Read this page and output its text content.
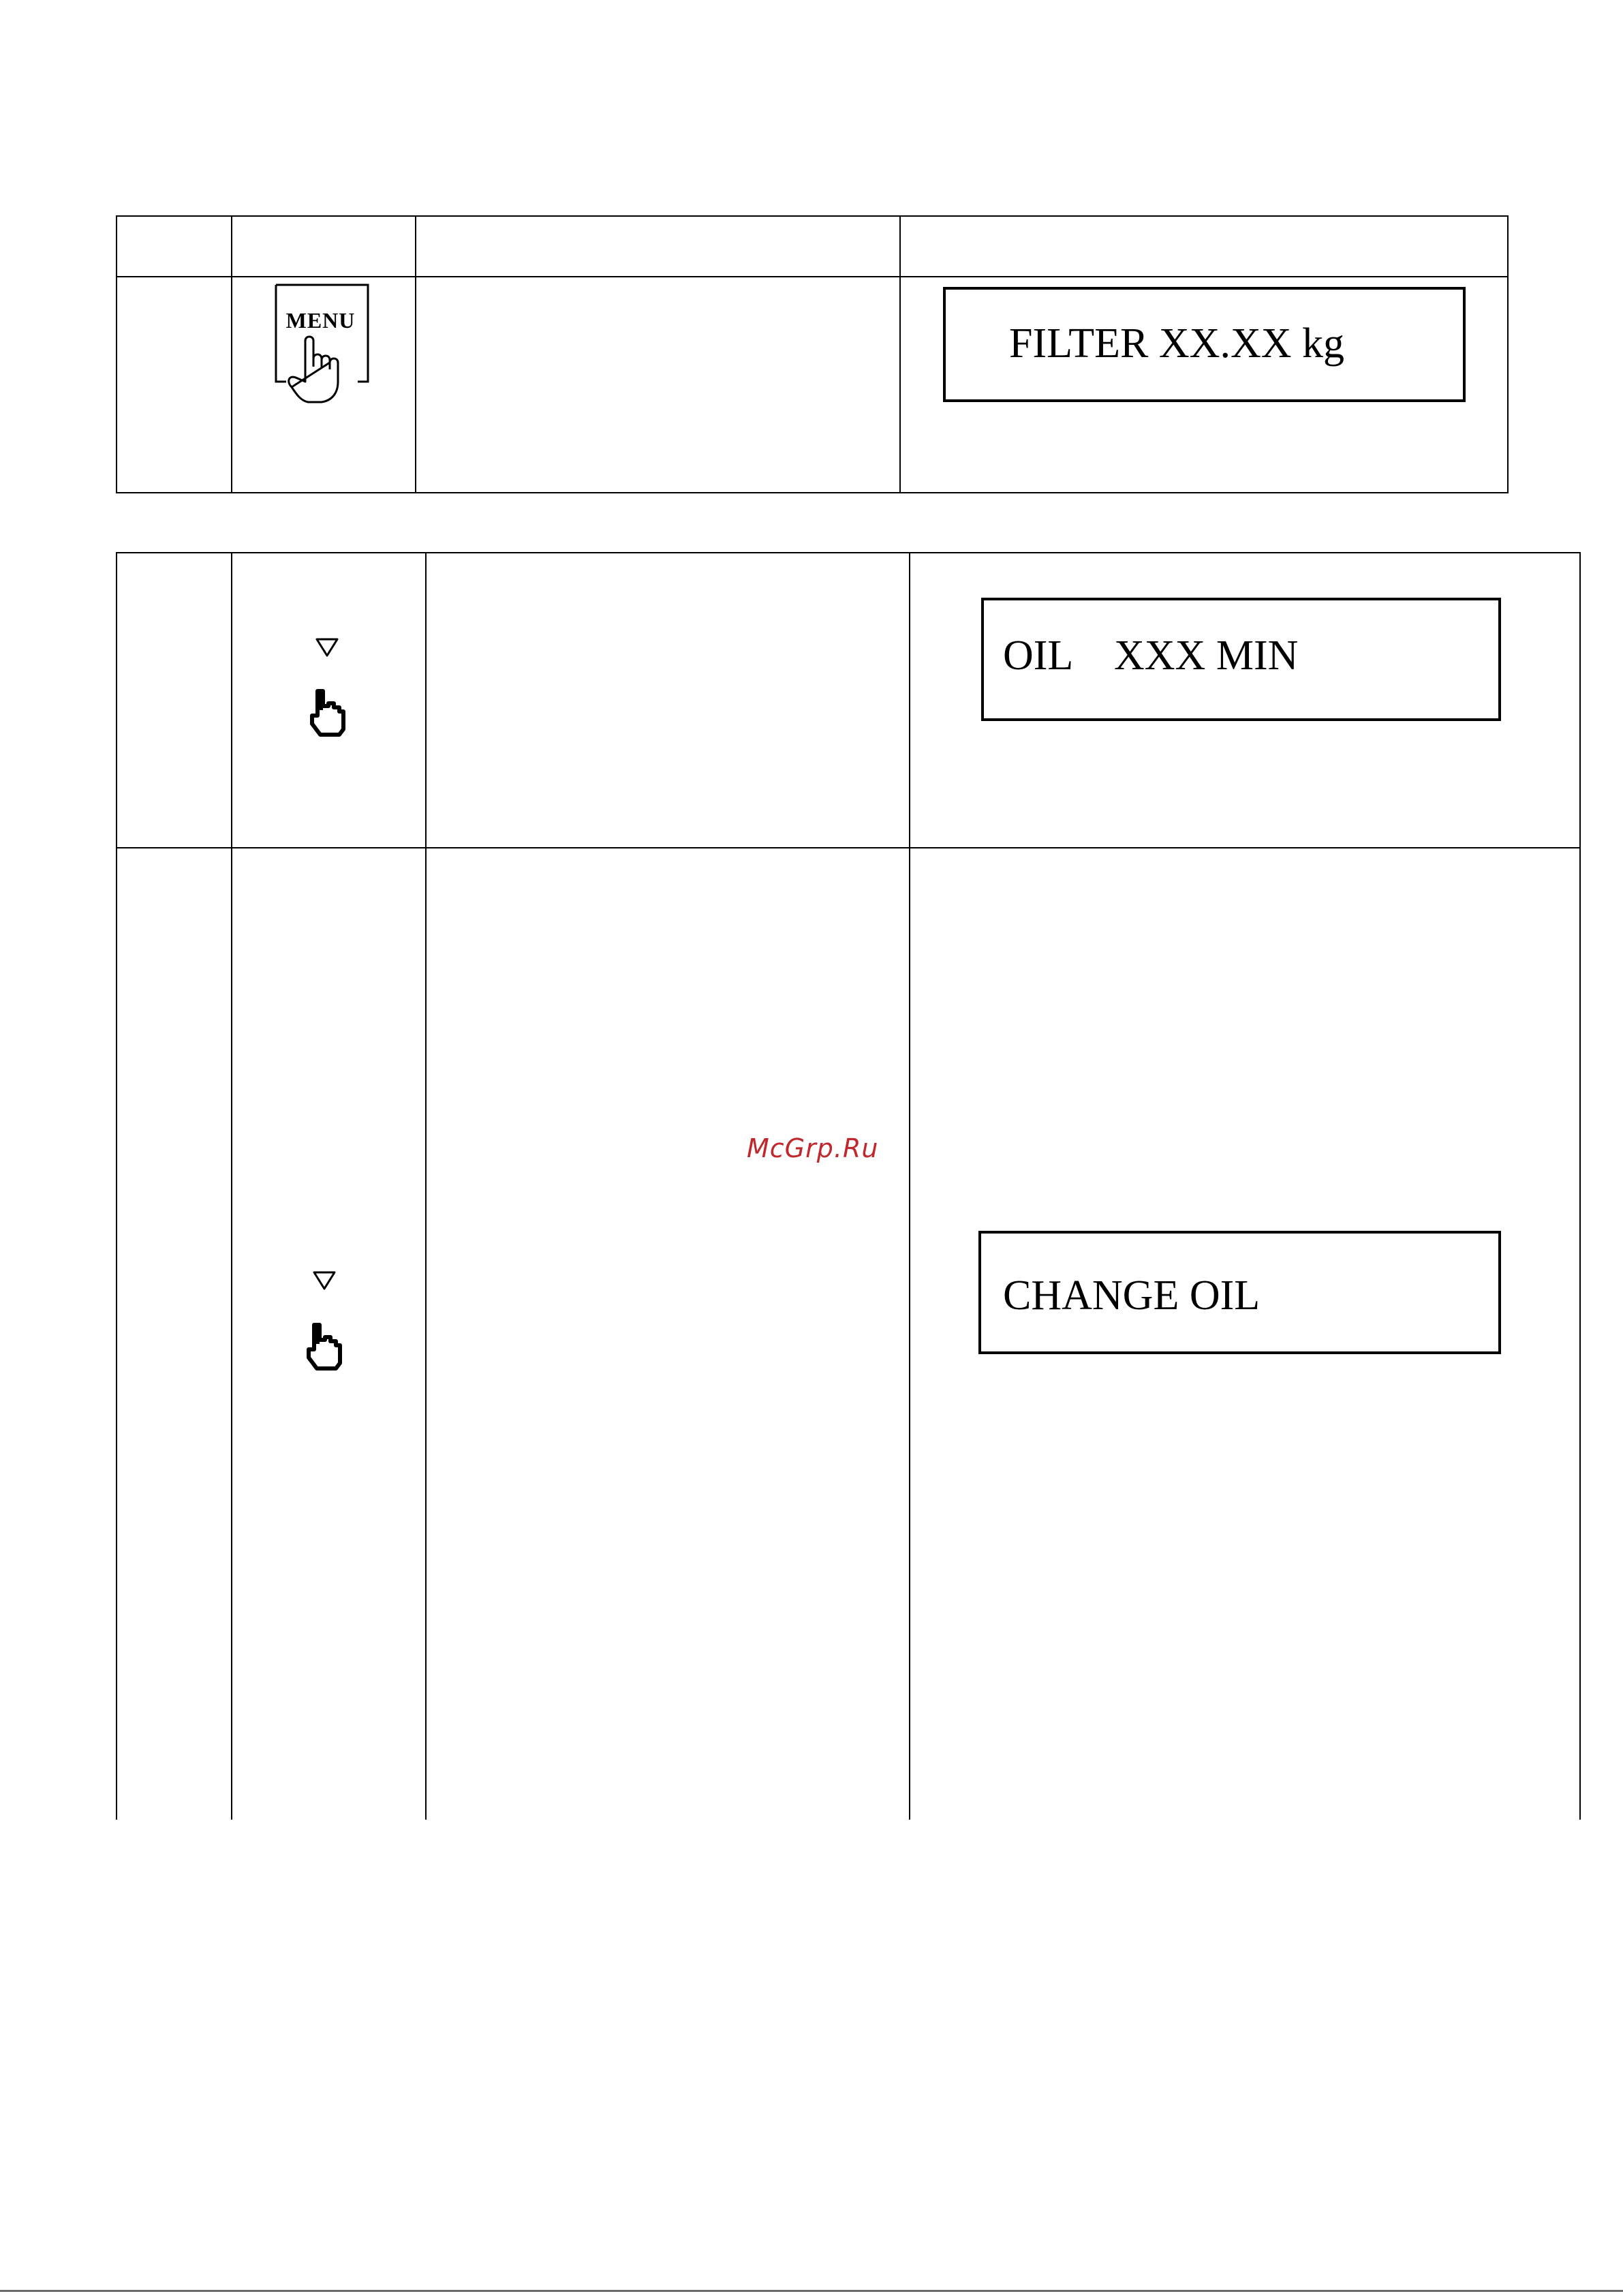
MENU	FILTER XX.XX kg
OIL    XXX MIN
CHANGE OIL
McGrp.Ru
